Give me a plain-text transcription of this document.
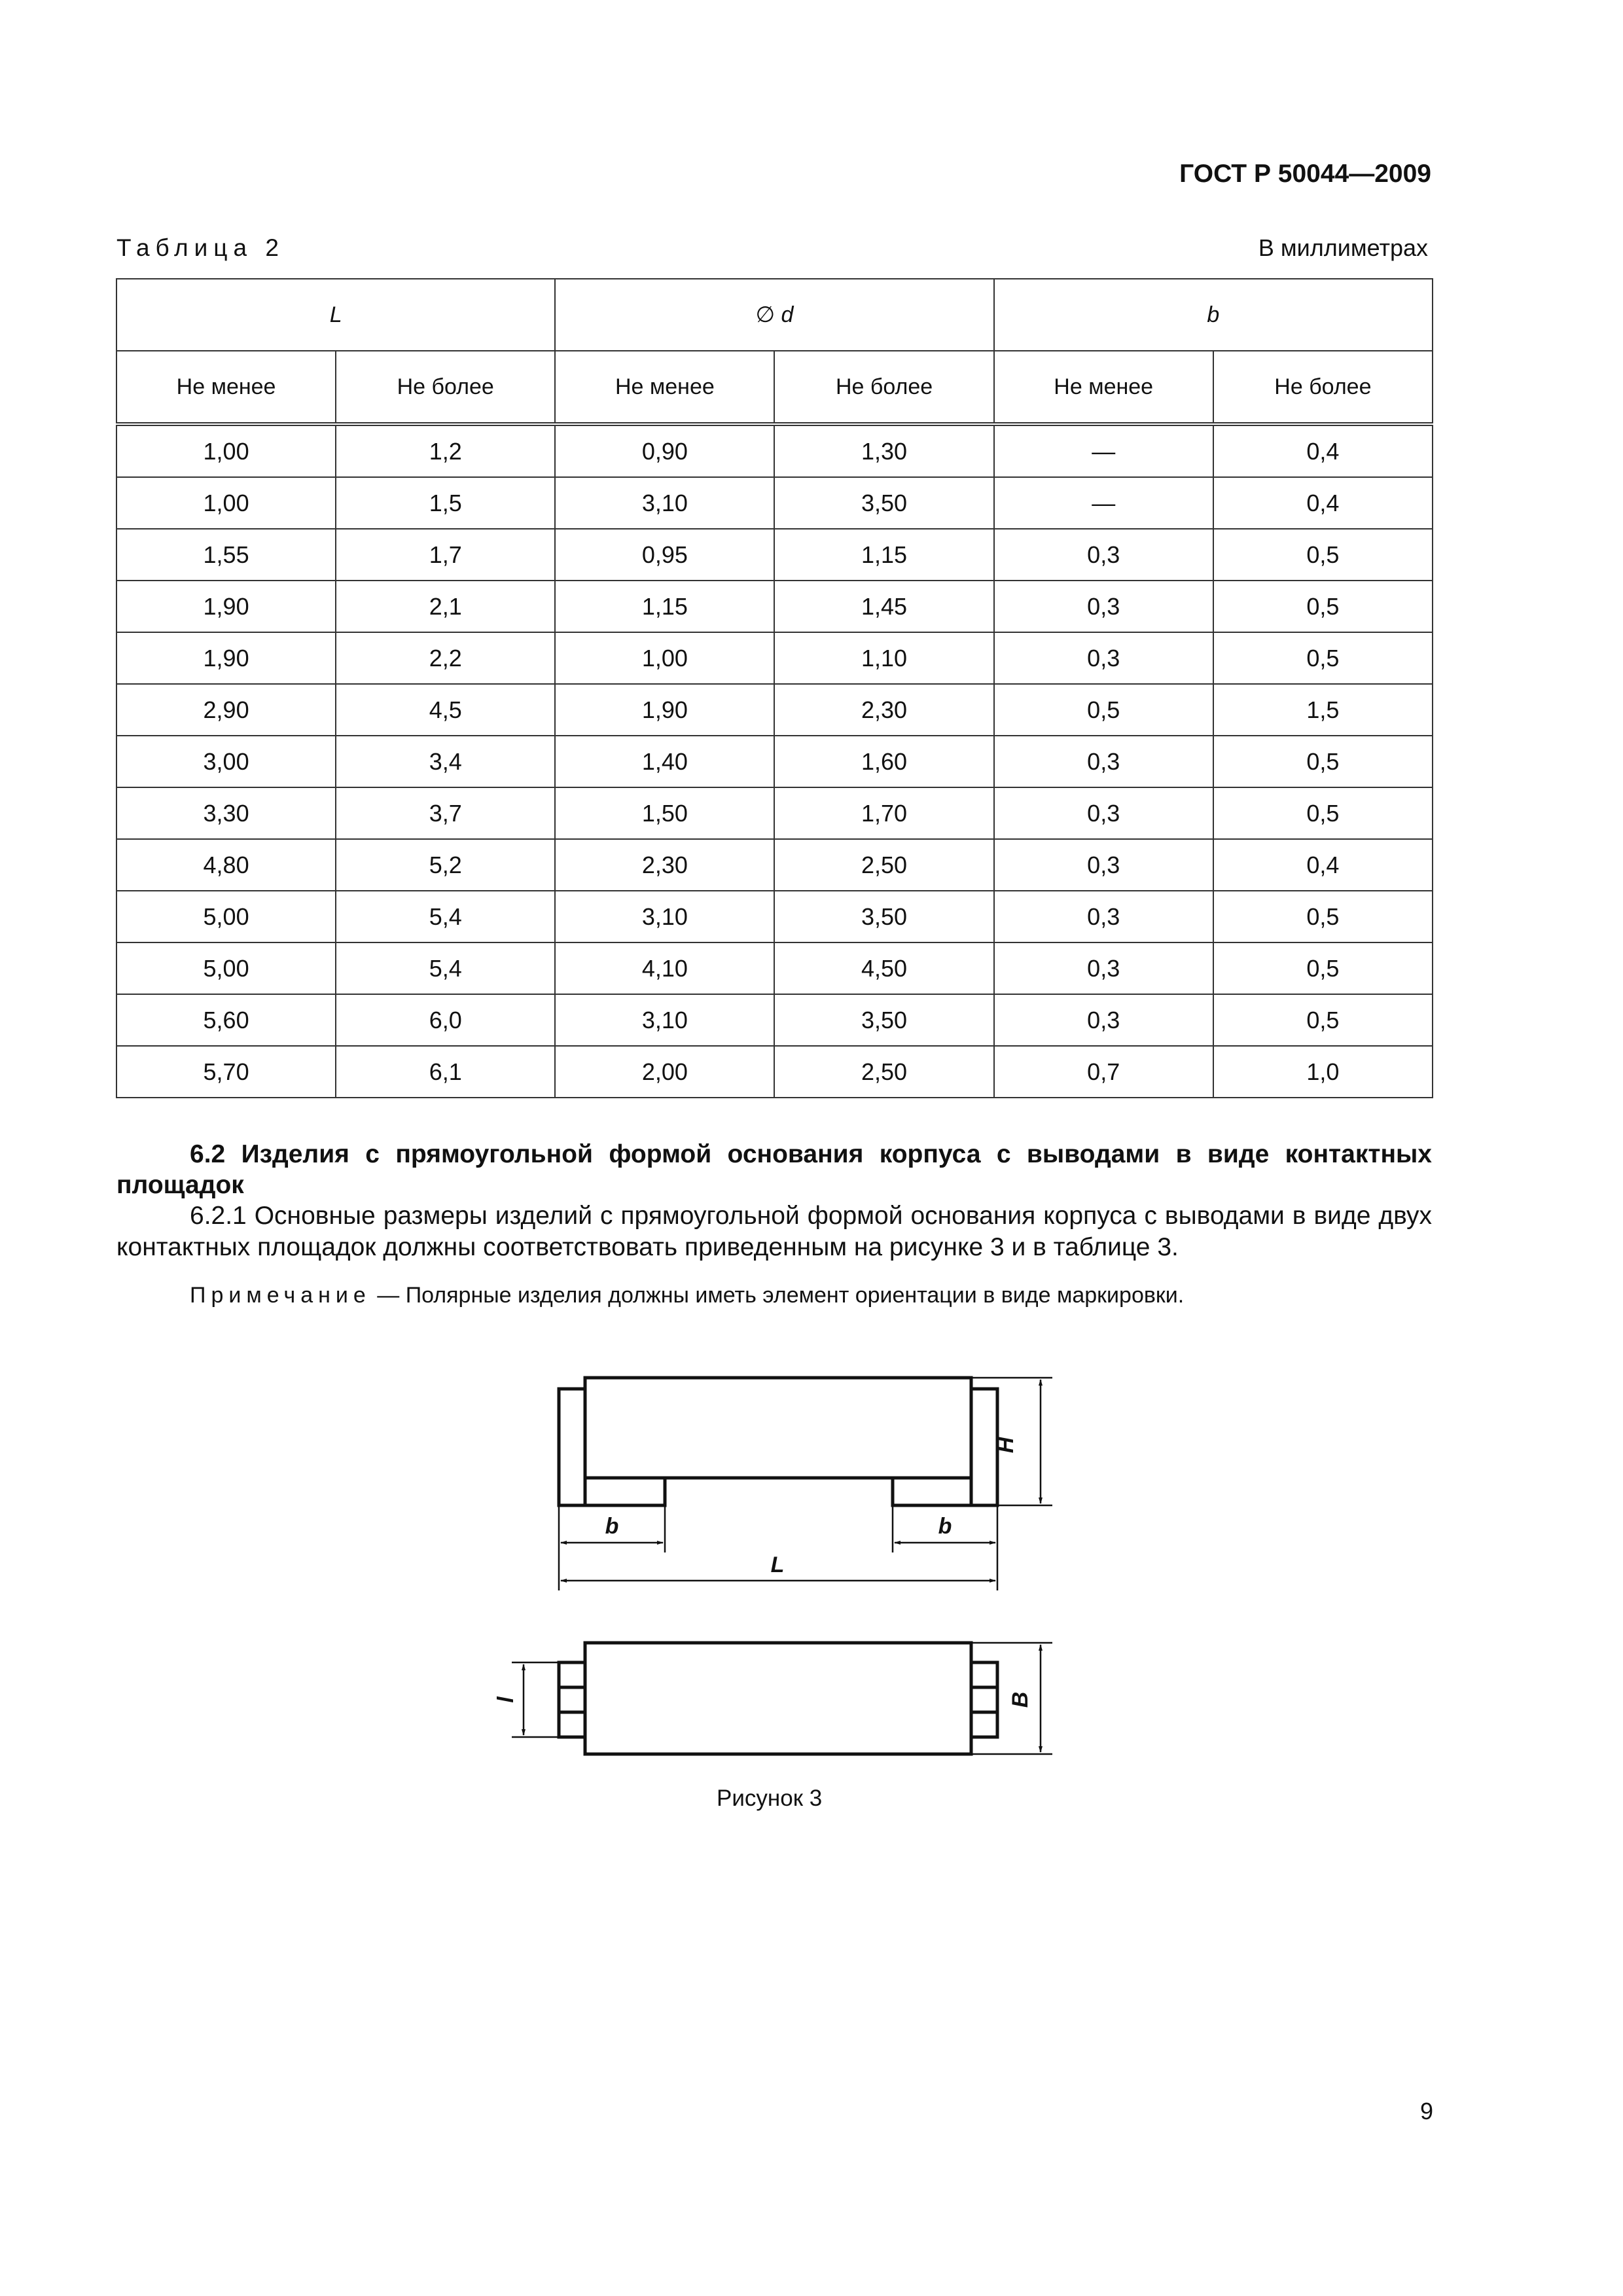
ГОСТ Р 50044—2009
Таблица 2	В миллиметрах
L		∅ d		b	
Не менее	Не более	Не менее	Не более	Не менее	Не более
1,00	1,2	0,90	1,30	—	0,4
1,00	1,5	3,10	3,50	—	0,4
1,55	1,7	0,95	1,15	0,3	0,5
1,90	2,1	1,15	1,45	0,3	0,5
1,90	2,2	1,00	1,10	0,3	0,5
2,90	4,5	1,90	2,30	0,5	1,5
3,00	3,4	1,40	1,60	0,3	0,5
3,30	3,7	1,50	1,70	0,3	0,5
4,80	5,2	2,30	2,50	0,3	0,4
5,00	5,4	3,10	3,50	0,3	0,5
5,00	5,4	4,10	4,50	0,3	0,5
5,60	6,0	3,10	3,50	0,3	0,5
5,70	6,1	2,00	2,50	0,7	1,0
6.2 Изделия с прямоугольной формой основания корпуса с выводами в виде контактных площадок
6.2.1 Основные размеры изделий с прямоугольной формой основания корпуса с выводами в виде двух контактных площадок должны соответствовать приведенным на рисунке 3 и в таблице 3.
Примечание — Полярные изделия должны иметь элемент ориентации в виде маркировки.
H
b	b
L
l	B
Рисунок 3
9
